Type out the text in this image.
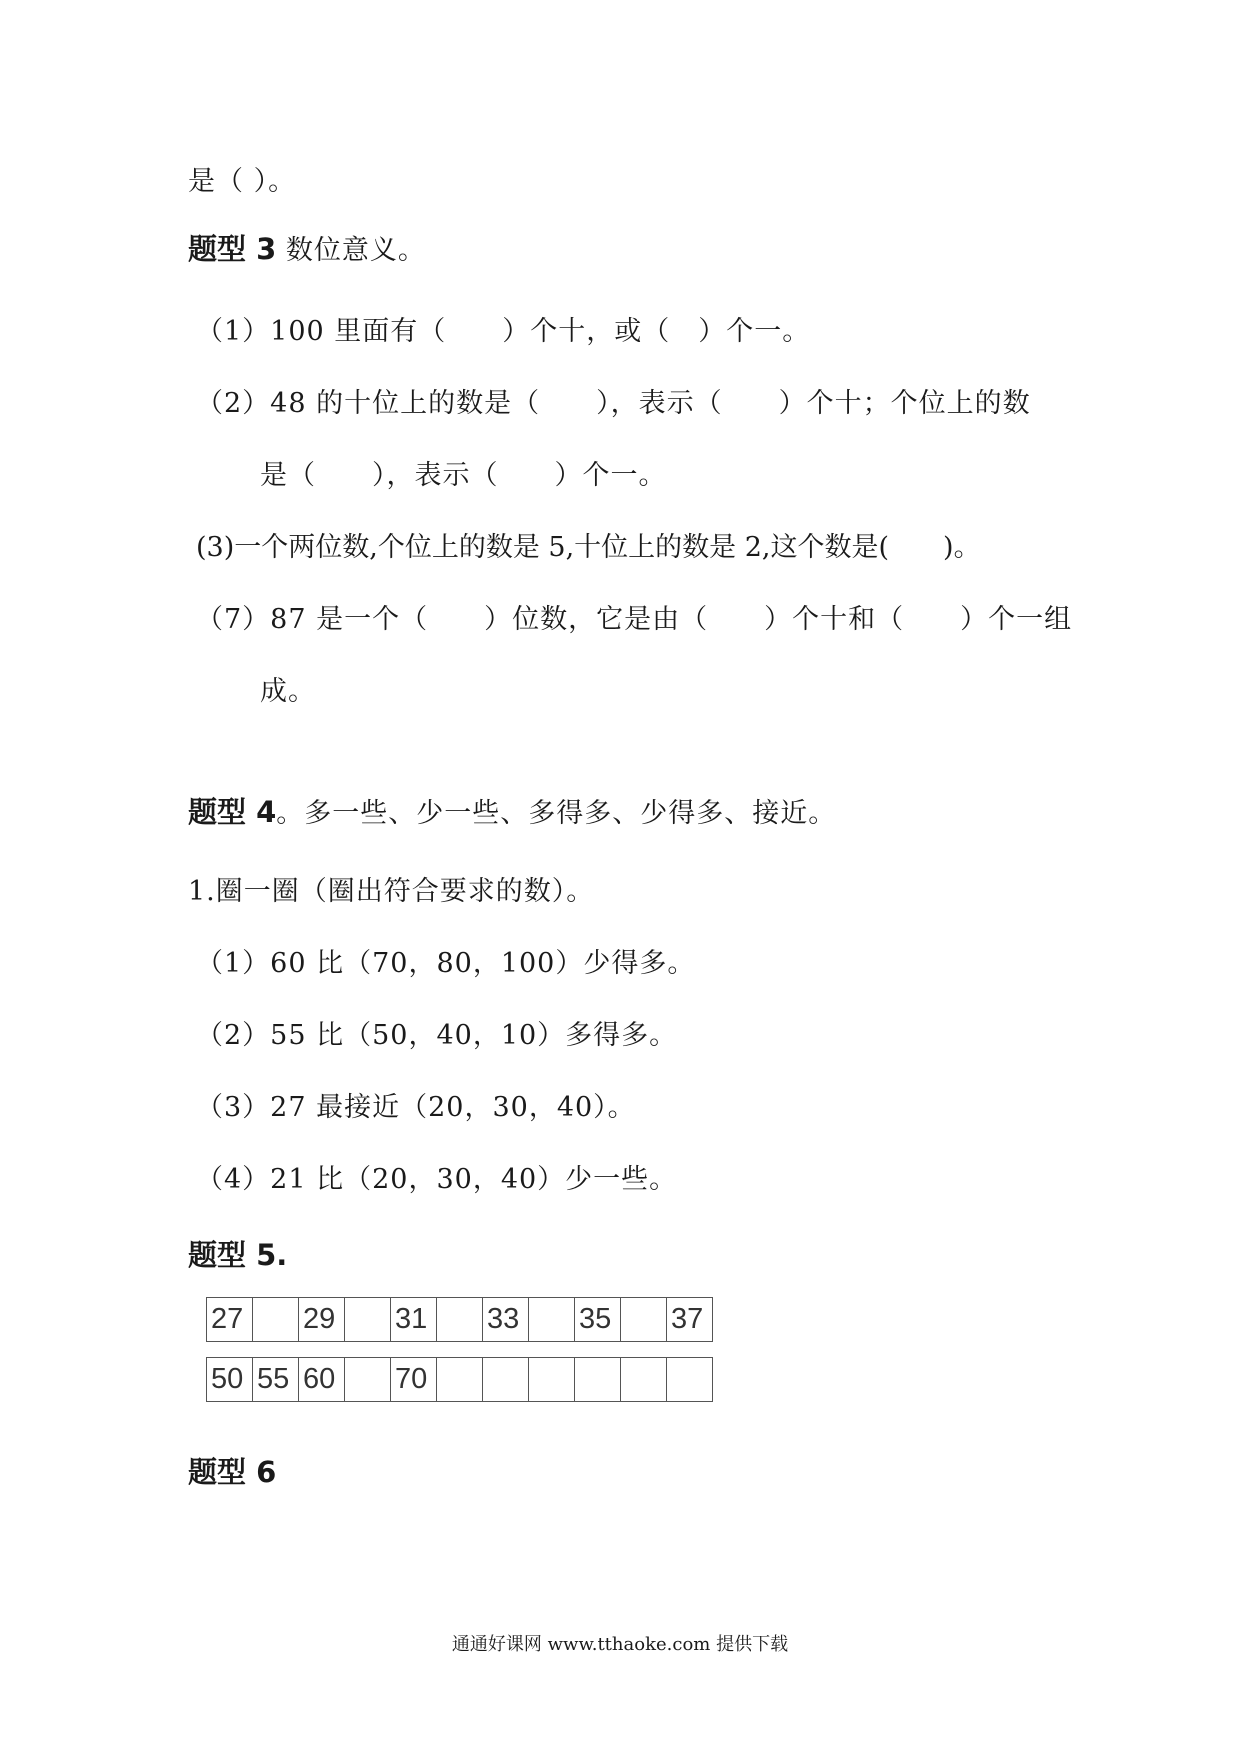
是（ ）。
题型 3 数位意义。
（1）100 里面有（　　）个十，或（　）个一。
（2）48 的十位上的数是（　　），表示（　　）个十；个位上的数
是（　　），表示（　　）个一。
(3)一个两位数,个位上的数是 5,十位上的数是 2,这个数是(　　)。
（7）87 是一个（　　）位数，它是由（　　）个十和（　　）个一组
成。
题型 4。多一些、少一些、多得多、少得多、接近。
1.圈一圈（圈出符合要求的数）。
（1）60 比（70，80，100）少得多。
（2）55 比（50，40，10）多得多。
（3）27 最接近（20，30，40）。
（4）21 比（20，30，40）少一些。
题型 5.
27		29		31		33		35		37
50	55	60		70						
题型 6
通通好课网 www.tthaoke.com 提供下载
